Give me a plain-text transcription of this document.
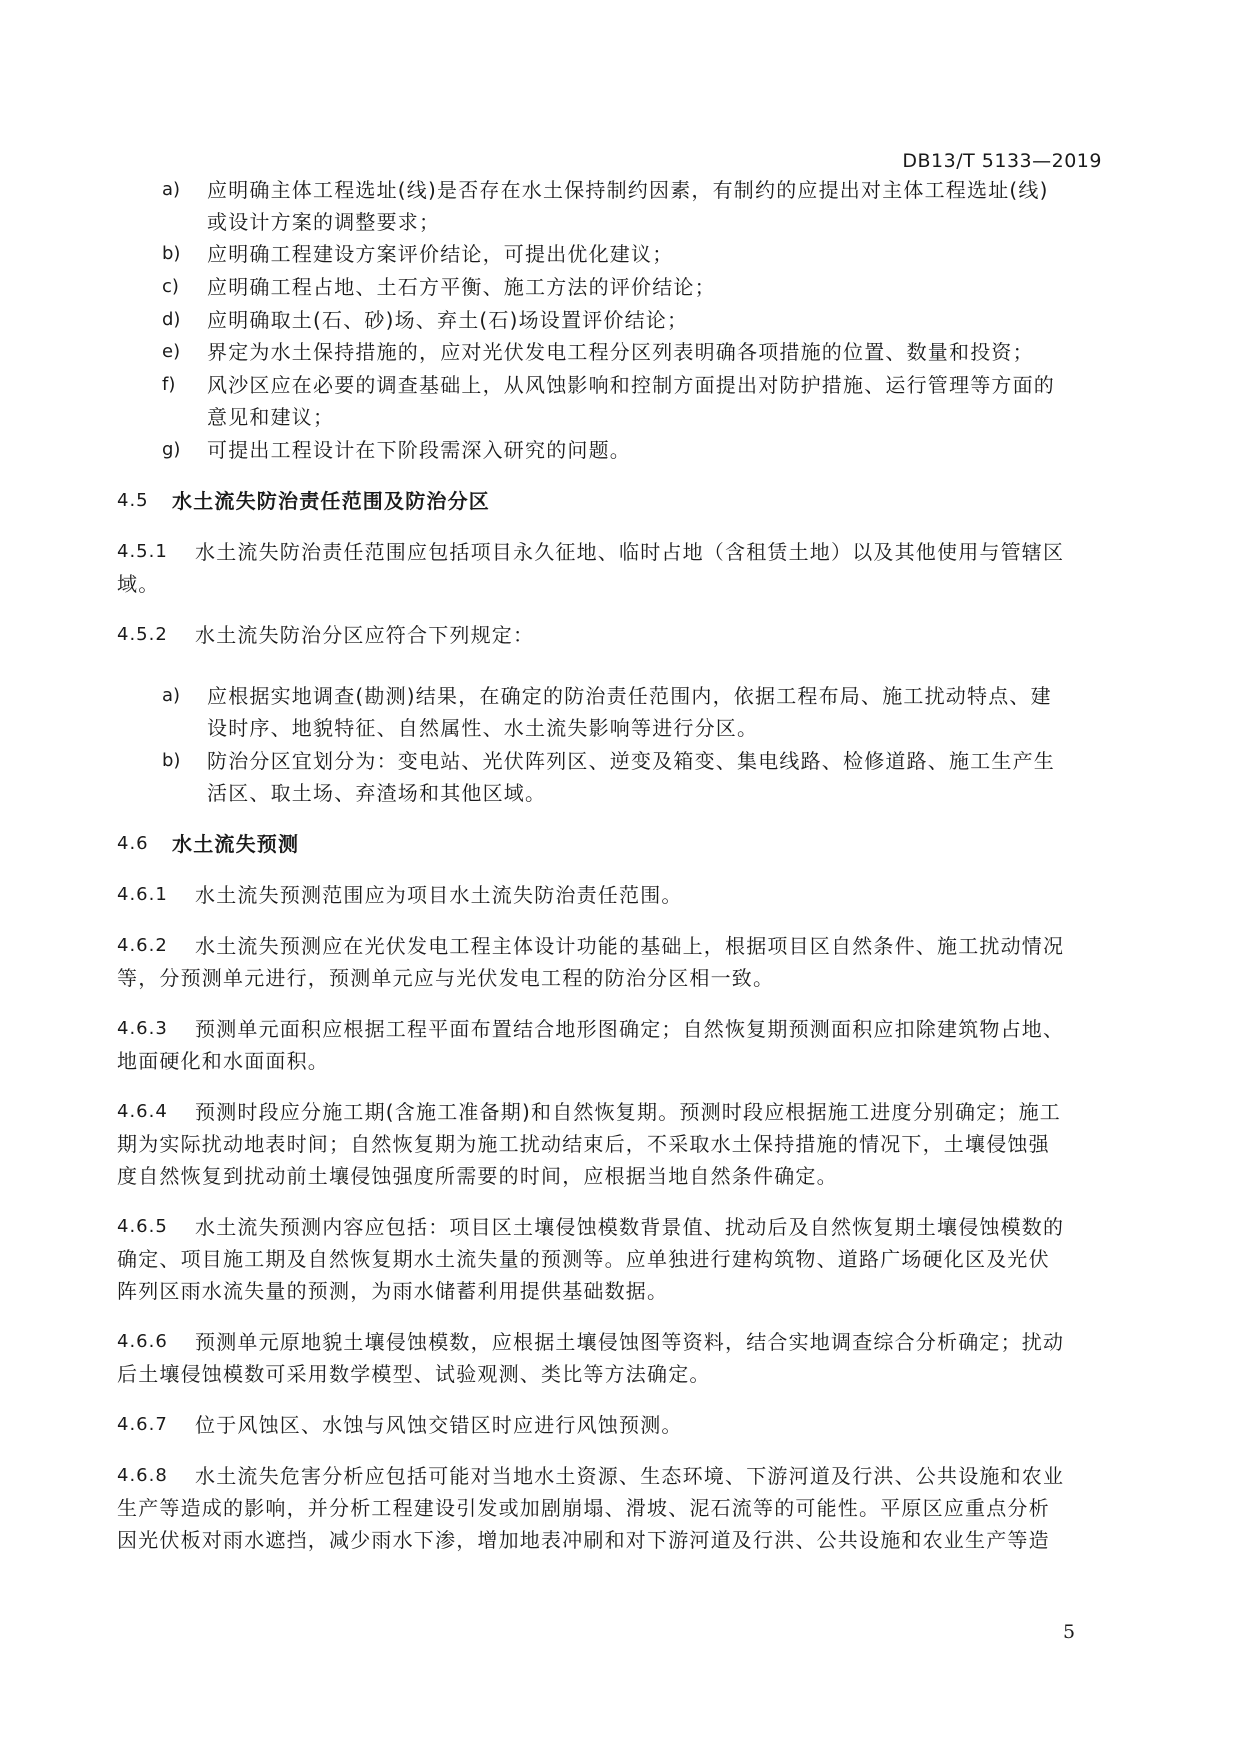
DB13/T 5133—2019
a) 应明确主体工程选址(线)是否存在水土保持制约因素，有制约的应提出对主体工程选址(线)
或设计方案的调整要求；
b) 应明确工程建设方案评价结论，可提出优化建议；
c) 应明确工程占地、土石方平衡、施工方法的评价结论；
d) 应明确取土(石、砂)场、弃土(石)场设置评价结论；
e) 界定为水土保持措施的，应对光伏发电工程分区列表明确各项措施的位置、数量和投资；
f) 风沙区应在必要的调查基础上，从风蚀影响和控制方面提出对防护措施、运行管理等方面的
意见和建议；
g) 可提出工程设计在下阶段需深入研究的问题。
4.5 水土流失防治责任范围及防治分区
4.5.1 水土流失防治责任范围应包括项目永久征地、临时占地（含租赁土地）以及其他使用与管辖区
域。
4.5.2 水土流失防治分区应符合下列规定：
a) 应根据实地调查(勘测)结果，在确定的防治责任范围内，依据工程布局、施工扰动特点、建
设时序、地貌特征、自然属性、水土流失影响等进行分区。
b) 防治分区宜划分为：变电站、光伏阵列区、逆变及箱变、集电线路、检修道路、施工生产生
活区、取土场、弃渣场和其他区域。
4.6 水土流失预测
4.6.1 水土流失预测范围应为项目水土流失防治责任范围。
4.6.2 水土流失预测应在光伏发电工程主体设计功能的基础上，根据项目区自然条件、施工扰动情况
等，分预测单元进行，预测单元应与光伏发电工程的防治分区相一致。
4.6.3 预测单元面积应根据工程平面布置结合地形图确定；自然恢复期预测面积应扣除建筑物占地、
地面硬化和水面面积。
4.6.4 预测时段应分施工期(含施工准备期)和自然恢复期。预测时段应根据施工进度分别确定；施工
期为实际扰动地表时间；自然恢复期为施工扰动结束后，不采取水土保持措施的情况下，土壤侵蚀强
度自然恢复到扰动前土壤侵蚀强度所需要的时间，应根据当地自然条件确定。
4.6.5 水土流失预测内容应包括：项目区土壤侵蚀模数背景值、扰动后及自然恢复期土壤侵蚀模数的
确定、项目施工期及自然恢复期水土流失量的预测等。应单独进行建构筑物、道路广场硬化区及光伏
阵列区雨水流失量的预测，为雨水储蓄利用提供基础数据。
4.6.6 预测单元原地貌土壤侵蚀模数，应根据土壤侵蚀图等资料，结合实地调查综合分析确定；扰动
后土壤侵蚀模数可采用数学模型、试验观测、类比等方法确定。
4.6.7 位于风蚀区、水蚀与风蚀交错区时应进行风蚀预测。
4.6.8 水土流失危害分析应包括可能对当地水土资源、生态环境、下游河道及行洪、公共设施和农业
生产等造成的影响，并分析工程建设引发或加剧崩塌、滑坡、泥石流等的可能性。平原区应重点分析
因光伏板对雨水遮挡，减少雨水下渗，增加地表冲刷和对下游河道及行洪、公共设施和农业生产等造
5
